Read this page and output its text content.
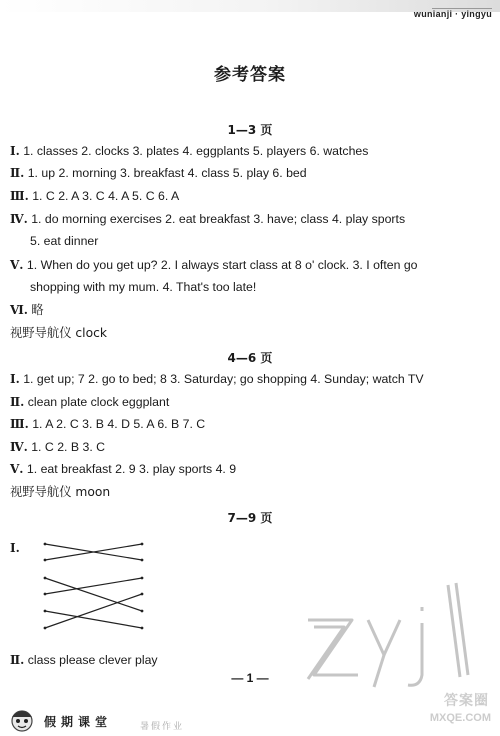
wunianji · yingyu
参考答案
1—3 页
Ⅰ. 1. classes 2. clocks 3. plates 4. eggplants 5. players 6. watches
Ⅱ. 1. up 2. morning 3. breakfast 4. class 5. play 6. bed
Ⅲ. 1. C 2. A 3. C 4. A 5. C 6. A
Ⅳ. 1. do morning exercises 2. eat breakfast 3. have; class 4. play sports
5. eat dinner
Ⅴ. 1. When do you get up? 2. I always start class at 8 o' clock. 3. I often go
shopping with my mum. 4. That's too late!
Ⅵ. 略
视野导航仪 clock
4—6 页
Ⅰ. 1. get up; 7 2. go to bed; 8 3. Saturday; go shopping 4. Sunday; watch TV
Ⅱ. clean plate clock eggplant
Ⅲ. 1. A 2. C 3. B 4. D 5. A 6. B 7. C
Ⅳ. 1. C 2. B 3. C
Ⅴ. 1. eat breakfast 2. 9 3. play sports 4. 9
视野导航仪 moon
7—9 页
Ⅰ.
Ⅱ. class please clever play
— 1 —
答案圈
MXQE.COM
假期课堂	暑假作业
